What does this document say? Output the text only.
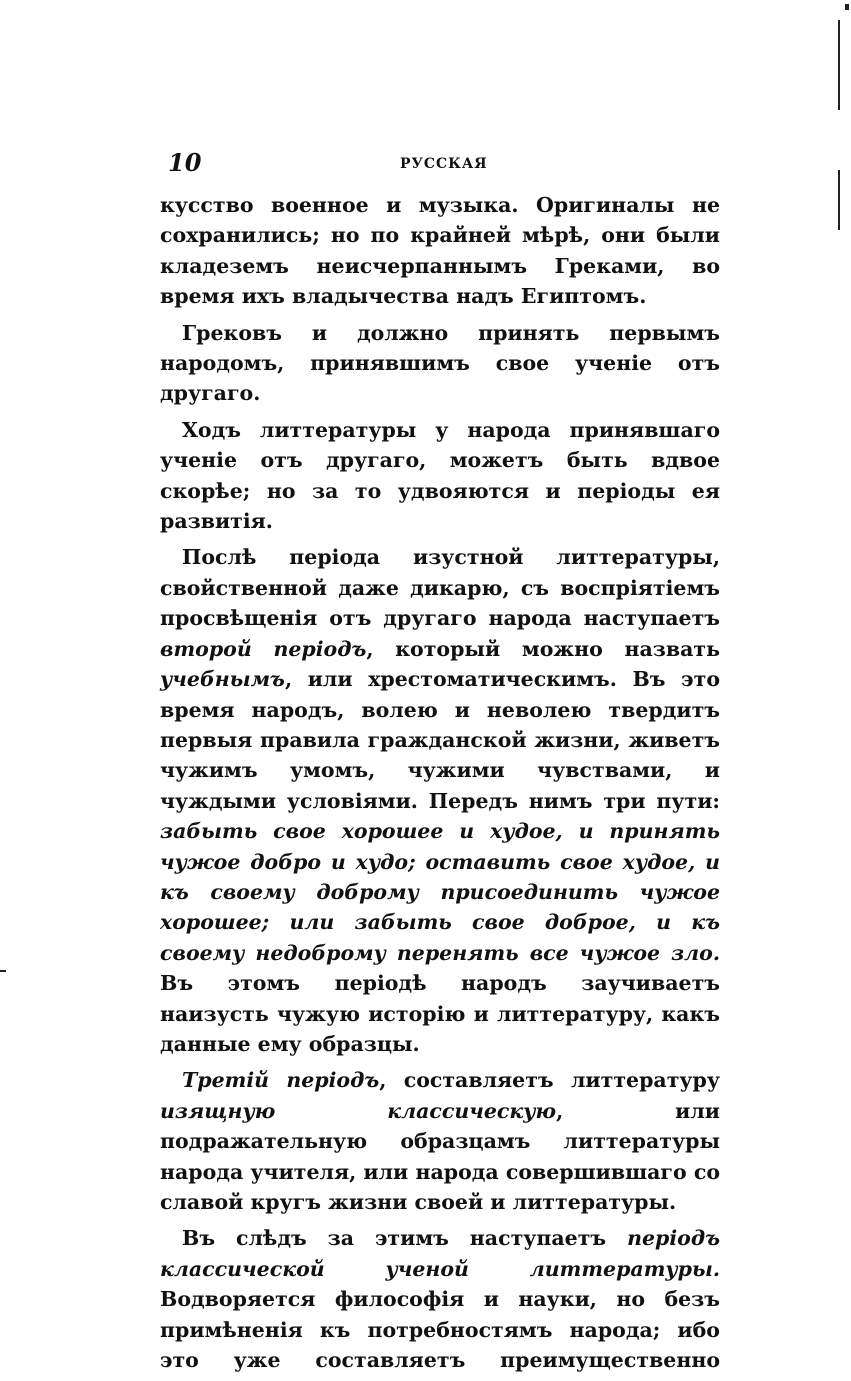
10	РУССКАЯ

кусство военное и музыка. Оригиналы не сохранились; но по крайней мѣрѣ, они были кладеземъ неисчерпаннымъ Греками, во время ихъ владычества надъ Египтомъ.

Грековъ и должно принять первымъ народомъ, принявшимъ свое ученіе отъ другаго.

Ходъ литтературы у народа принявшаго ученіе отъ другаго, можетъ быть вдвое скорѣе; но за то удвояются и періоды ея развитія.

Послѣ періода изустной литтературы, свойственной даже дикарю, съ воспріятіемъ просвѣщенія отъ другаго народа наступаетъ второй періодъ, который можно назвать учебнымъ, или хрестоматическимъ. Въ это время народъ, волею и неволею твердитъ первыя правила гражданской жизни, живетъ чужимъ умомъ, чужими чувствами, и чуждыми условіями. Передъ нимъ три пути: забыть свое хорошее и худое, и принять чужое добро и худо; оставить свое худое, и къ своему доброму присоединить чужое хорошее; или забыть свое доброе, и къ своему недоброму перенять все чужое зло. Въ этомъ періодѣ народъ заучиваетъ наизусть чужую исторію и литтературу, какъ данные ему образцы.

Третій періодъ, составляетъ литтературу изящную классическую, или подражательную образцамъ литтературы народа учителя, или народа совершившаго со славой кругъ жизни своей и литтературы.

Въ слѣдъ за этимъ наступаетъ періодъ классической ученой литтературы. Водворяется философія и науки, но безъ примѣненія къ потребностямъ народа; ибо это уже составляетъ преимущественно
